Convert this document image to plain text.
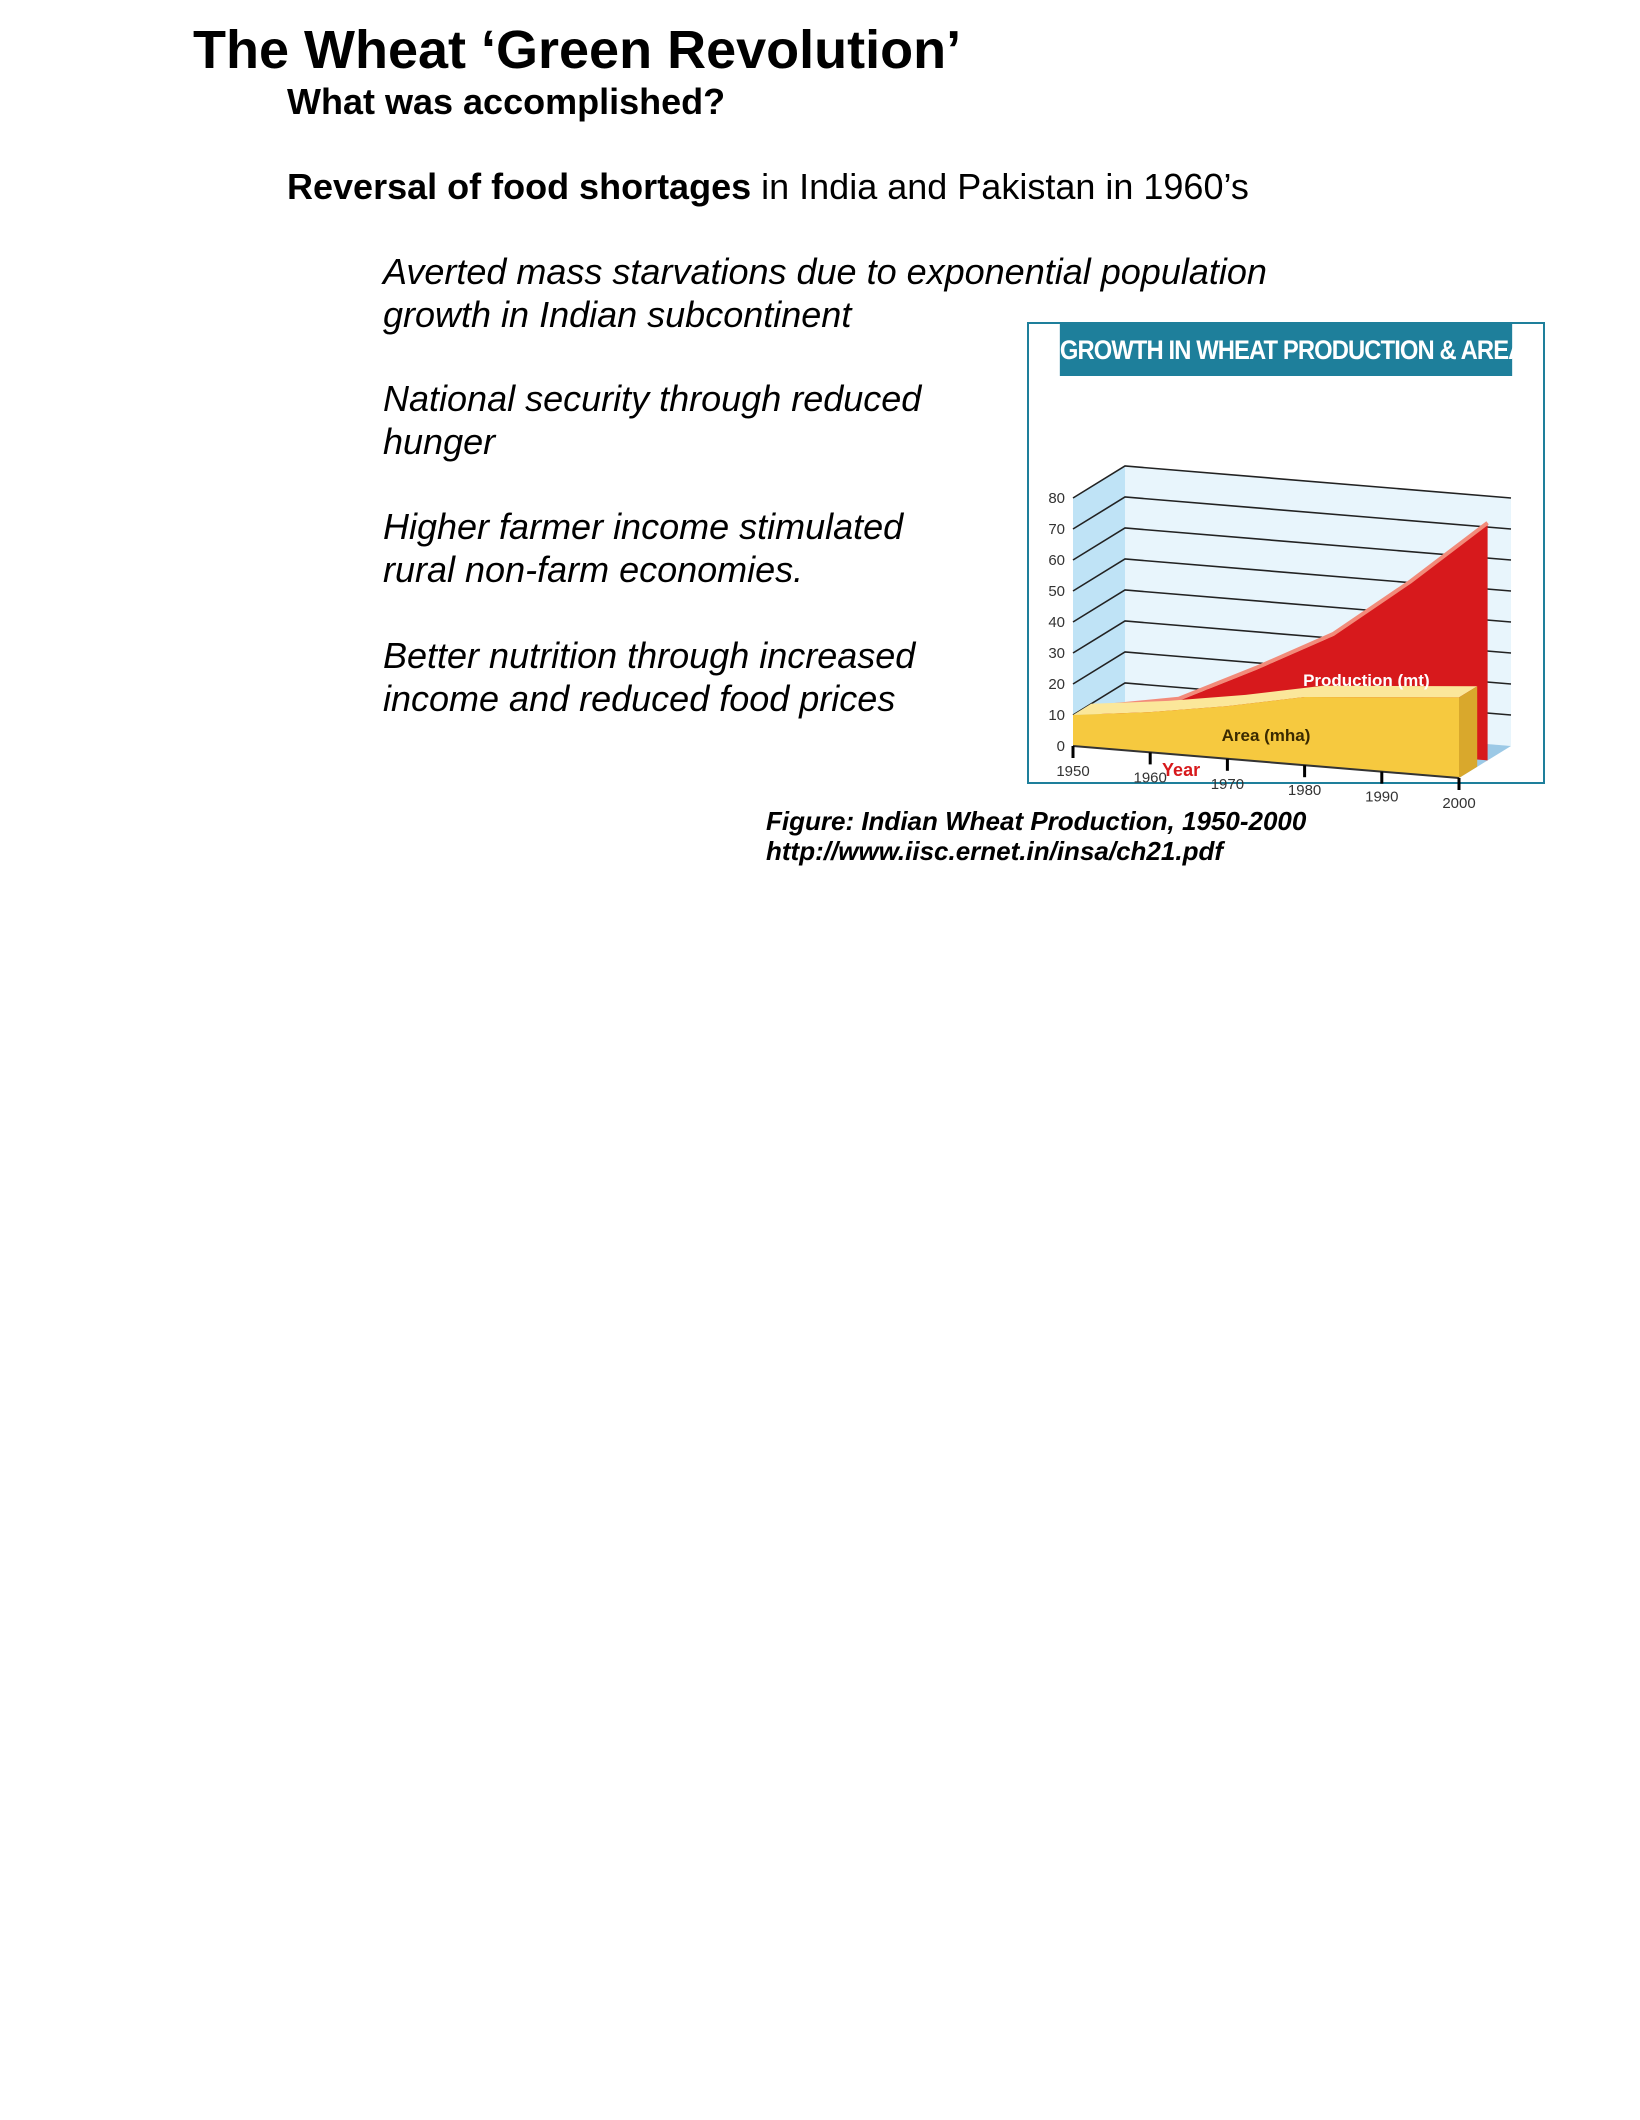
The Wheat ‘Green Revolution’
What was accomplished?

Reversal of food shortages in India and Pakistan in 1960’s

Averted mass starvations due to exponential population
growth in Indian subcontinent

National security through reduced
hunger

Higher farmer income stimulated
rural non-farm economies.

Better nutrition through increased
income and reduced food prices

GROWTH IN WHEAT PRODUCTION & AREA
Production (mt)
Area (mha)
0
10
20
30
40
50
60
70
80
1950	1960	1970	1980	1990	2000
Year

Figure: Indian Wheat Production, 1950-2000
http://www.iisc.ernet.in/insa/ch21.pdf
